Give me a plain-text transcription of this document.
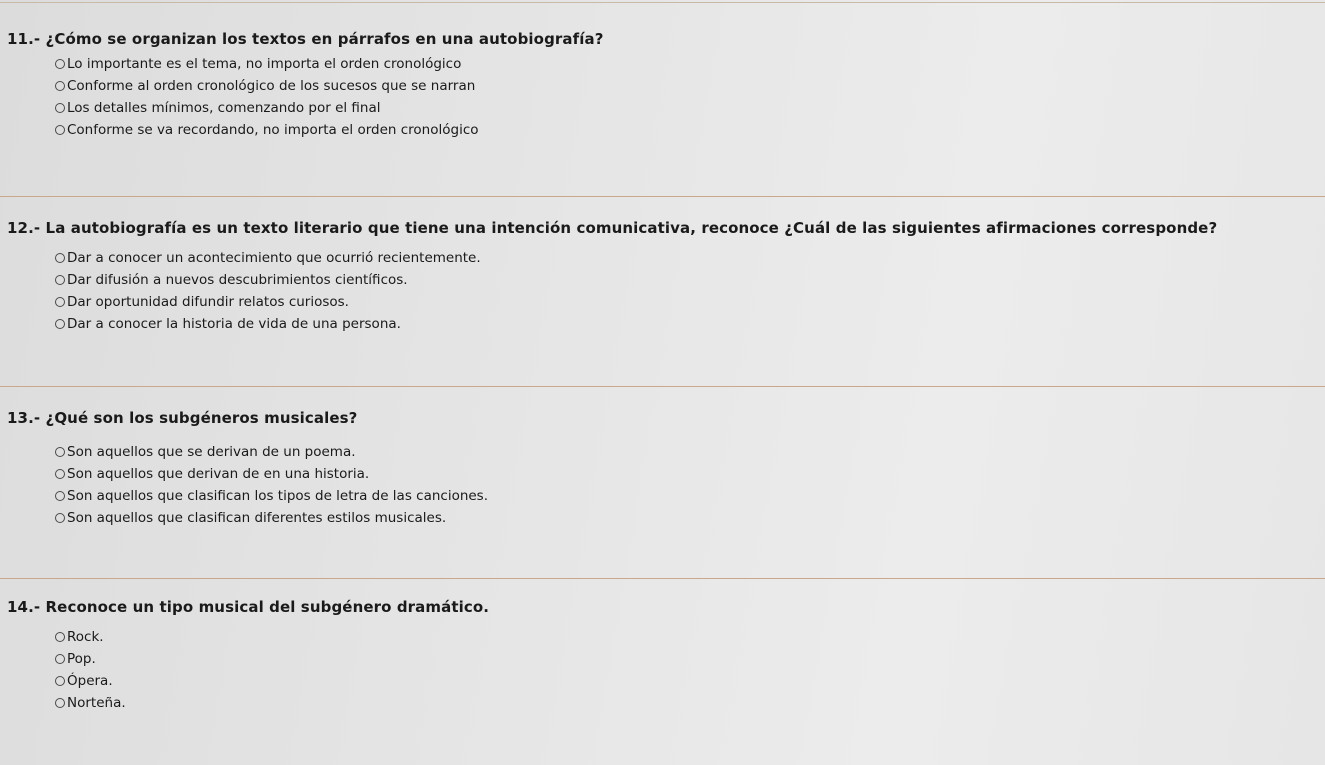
11.- ¿Cómo se organizan los textos en párrafos en una autobiografía?
Lo importante es el tema, no importa el orden cronológico
Conforme al orden cronológico de los sucesos que se narran
Los detalles mínimos, comenzando por el final
Conforme se va recordando, no importa el orden cronológico
12.- La autobiografía es un texto literario que tiene una intención comunicativa, reconoce ¿Cuál de las siguientes afirmaciones corresponde?
Dar a conocer un acontecimiento que ocurrió recientemente.
Dar difusión a nuevos descubrimientos científicos.
Dar oportunidad difundir relatos curiosos.
Dar a conocer la historia de vida de una persona.
13.- ¿Qué son los subgéneros musicales?
Son aquellos que se derivan de un poema.
Son aquellos que derivan de en una historia.
Son aquellos que clasifican los tipos de letra de las canciones.
Son aquellos que clasifican diferentes estilos musicales.
14.- Reconoce un tipo musical del subgénero dramático.
Rock.
Pop.
Ópera.
Norteña.
